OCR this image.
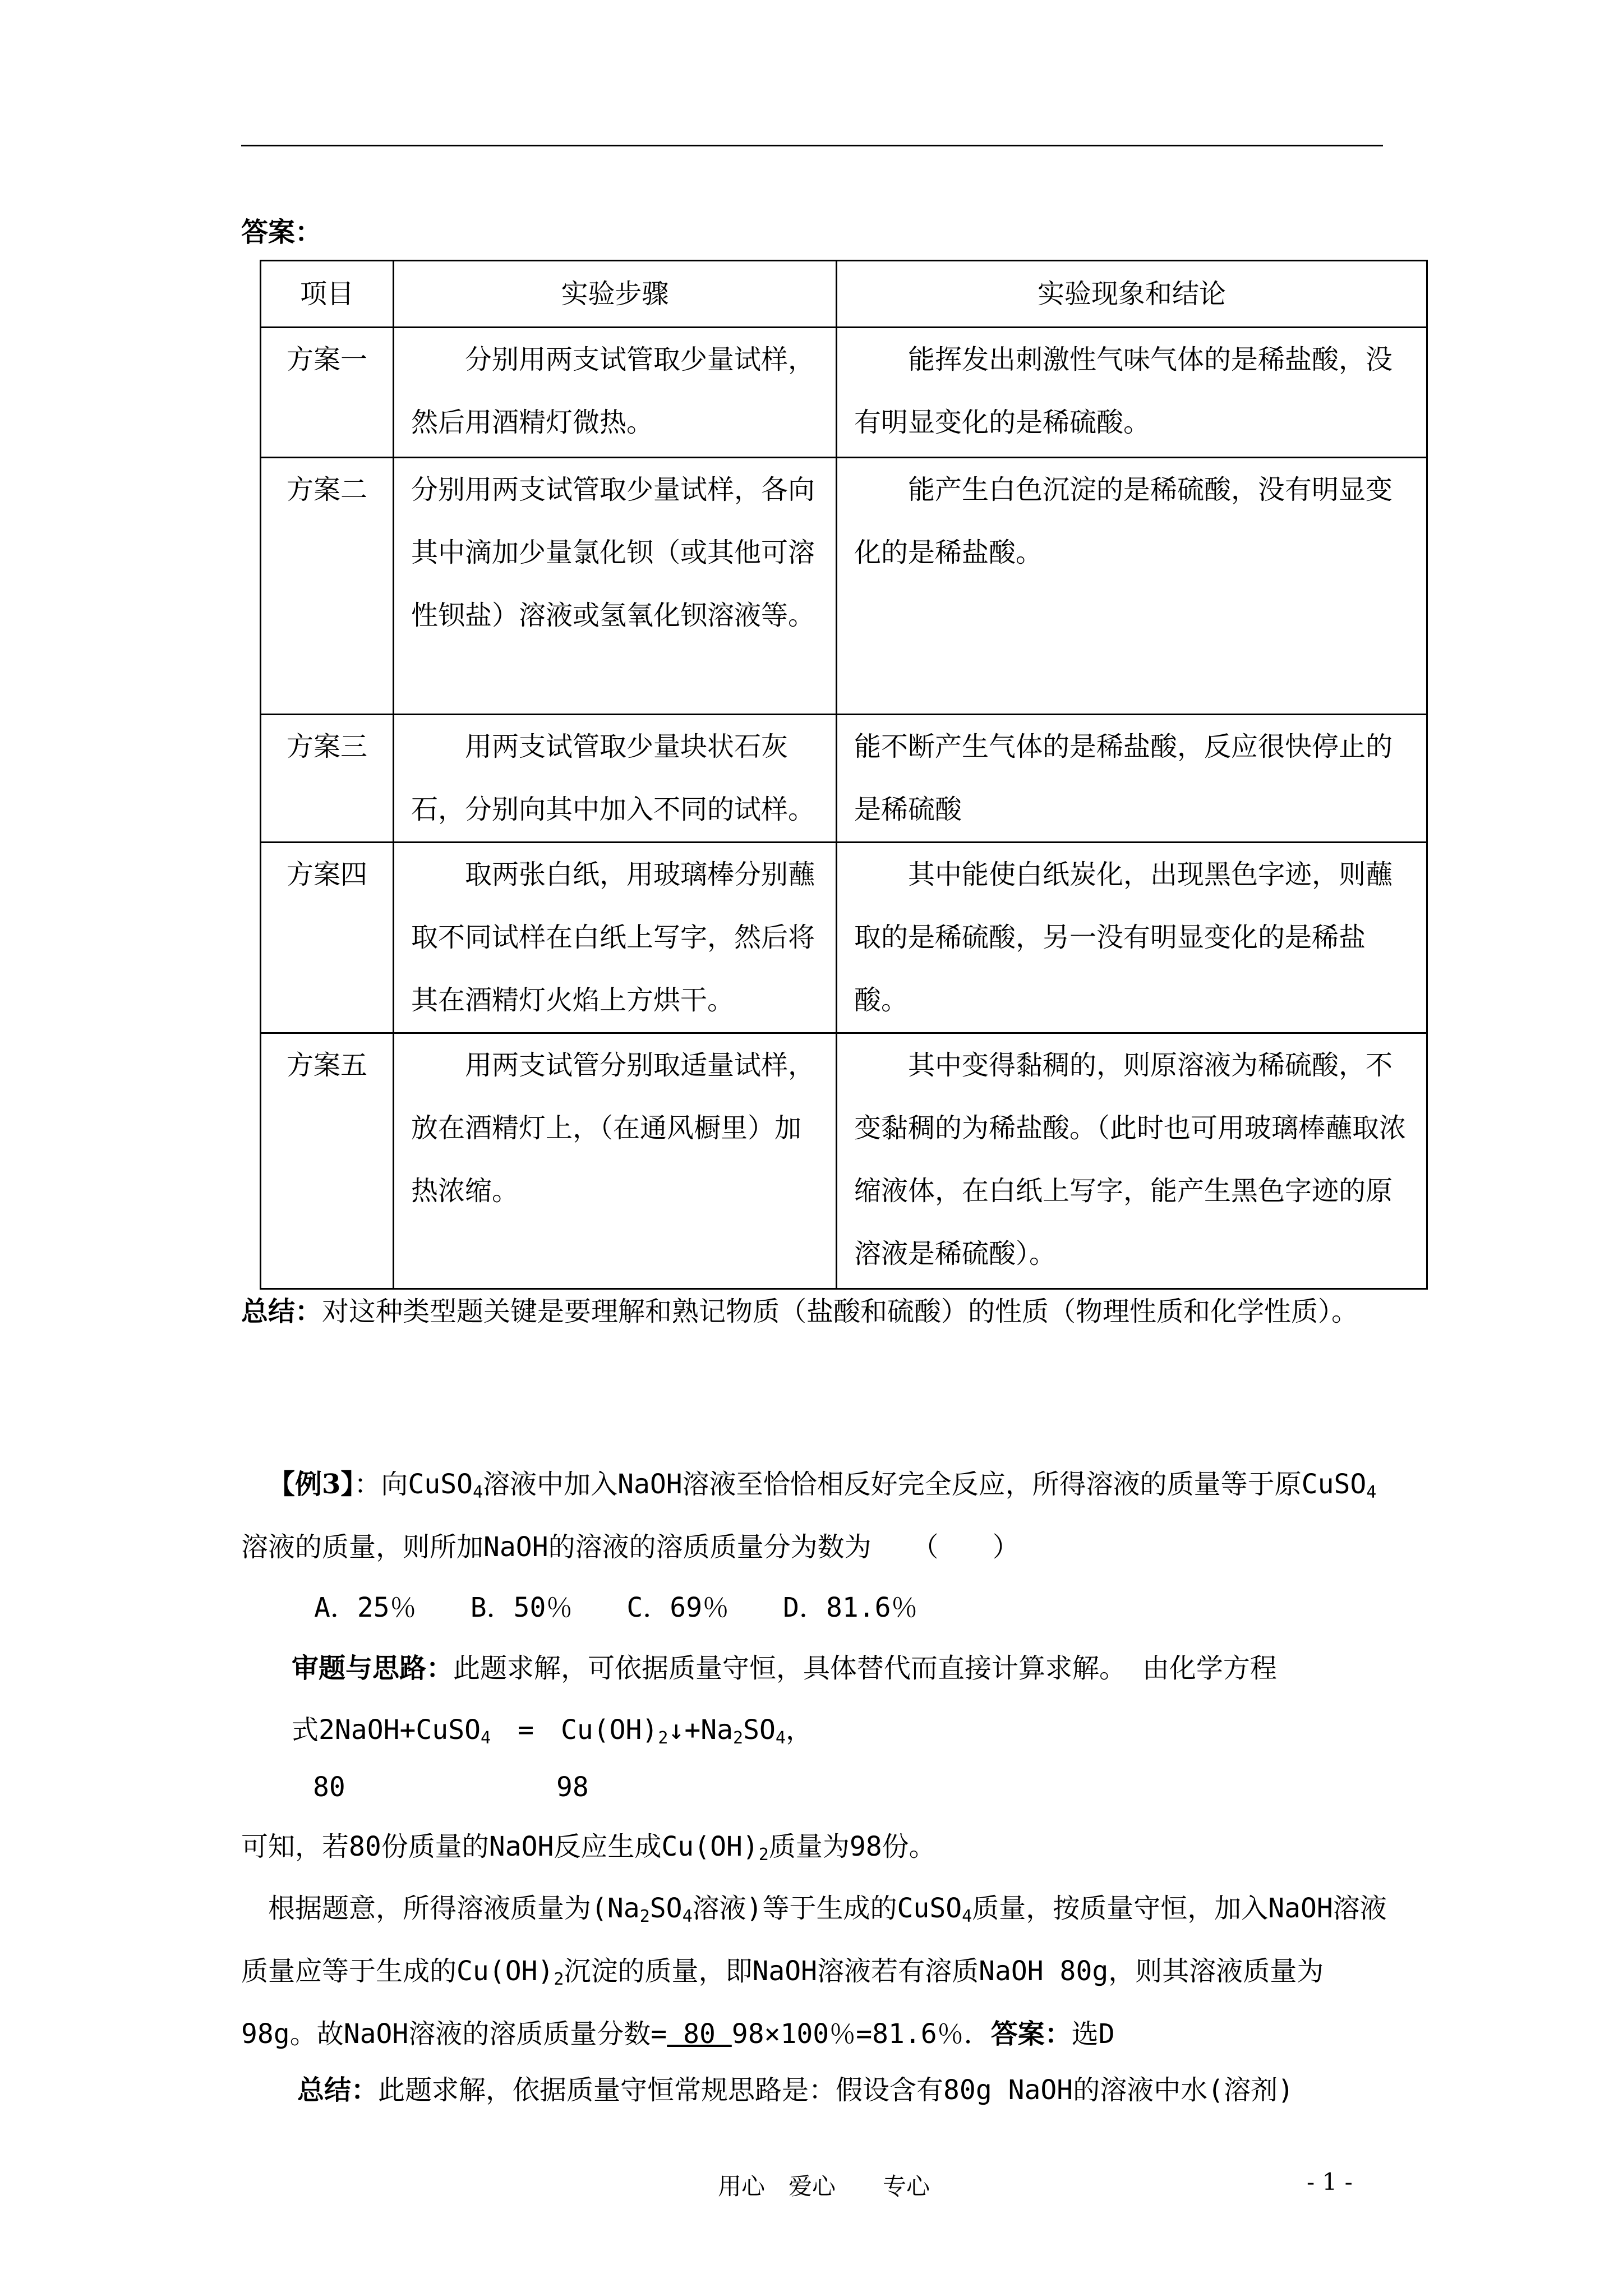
答案：
项目	实验步骤	实验现象和结论
方案一	分别用两支试管取少量试样，然后用酒精灯微热。	能挥发出刺激性气味气体的是稀盐酸，没有明显变化的是稀硫酸。
方案二	分别用两支试管取少量试样，各向其中滴加少量氯化钡（或其他可溶性钡盐）溶液或氢氧化钡溶液等。	能产生白色沉淀的是稀硫酸，没有明显变化的是稀盐酸。
方案三	用两支试管取少量块状石灰石，分别向其中加入不同的试样。	能不断产生气体的是稀盐酸，反应很快停止的是稀硫酸
方案四	取两张白纸，用玻璃棒分别蘸取不同试样在白纸上写字，然后将其在酒精灯火焰上方烘干。	其中能使白纸炭化，出现黑色字迹，则蘸取的是稀硫酸，另一没有明显变化的是稀盐酸。
方案五	用两支试管分别取适量试样，放在酒精灯上，（在通风橱里）加热浓缩。	其中变得黏稠的，则原溶液为稀硫酸，不变黏稠的为稀盐酸。（此时也可用玻璃棒蘸取浓缩液体，在白纸上写字，能产生黑色字迹的原溶液是稀硫酸）。
总结：对这种类型题关键是要理解和熟记物质（盐酸和硫酸）的性质（物理性质和化学性质）。
【例3】：向CuSO$_4$溶液中加入NaOH溶液至恰恰相反好完全反应，所得溶液的质量等于原CuSO$_4$溶液的质量，则所加NaOH的溶液的溶质质量分为数为　　（　　）
A．25％　　B．50％　　C．69％　　D．81.6％
审题与思路：此题求解，可依据质量守恒，具体替代而直接计算求解。 由化学方程
式2NaOH+CuSO$_4$　=　$Cu(OH)_2↓+Na_2SO_4$，
80	98
可知，若80份质量的NaOH反应生成$Cu(OH)_2$质量为98份。
根据题意，所得溶液质量为($Na_2SO_4$溶液)等于生成的CuSO$_4$质量，按质量守恒，加入NaOH溶液质量应等于生成的$Cu(OH)_2$沉淀的质量，即NaOH溶液若有溶质NaOH 80g，则其溶液质量为98g。故NaOH溶液的溶质质量分数= 80 98×100％=81.6％．答案：选D
总结：此题求解，依据质量守恒常规思路是：假设含有80g NaOH的溶液中水(溶剂)
用心　爱心　　专心	- 1 -
